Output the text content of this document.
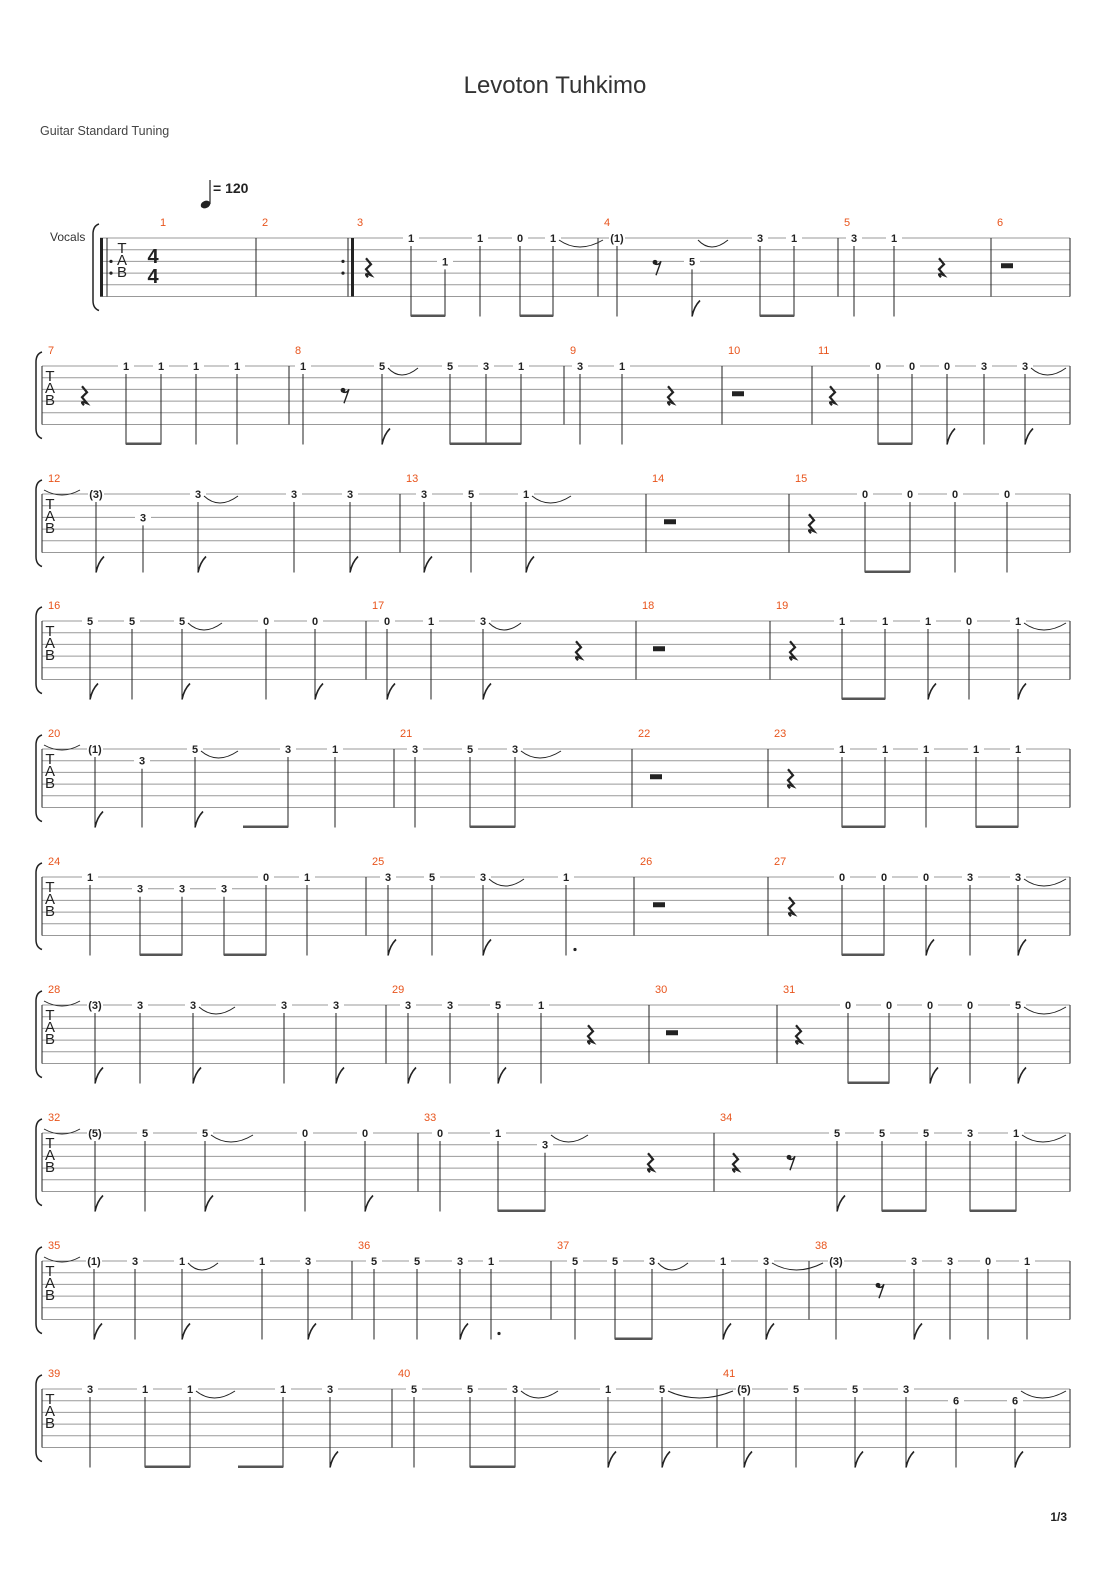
Levoton Tuhkimo
Guitar Standard Tuning
= 120
Vocals
T
A
B
4
4
1	2	3
1
1
1	0 1
4
(1)
5
3	1
5
3	1
6
T
A
B
7
1	1	1	1
8
1	5	5	3	1
9
3	1
10	11
0	0	0	3	3
T
A
B
12
(3)
3
3	3	3
13
3	5	1
14	15
0	0	0	0
T
A
B
16
5	5	5	0	0
17
0	1	3
18	19
1	1	1	0	1
T
A
B
20
(1)
3
5	3	1
21
3	5	3
22	23
1	1	1	1	1
T
A
B
24
1
3	3	3
0	1
25
3	5	3	1
26	27
0	0	0	3	3
T
A
B
28
(3)	3	3	3	3
29
3	3	5	1
30	31
0	0	0	0	5
T
A
B
32
(5)	5	5	0	0
33
0	1
3
34
5	5	5	3	1
T
A
B
35
(1)	3	1	1	3
36
5	5	3 1
37
5	5	3	1	3
38
(3)	3	3	0	1
T
A
B
39
3	1	1	1	3
40
5	5	3	1	5
41
(5)	5	5	3
6	6
1/3
